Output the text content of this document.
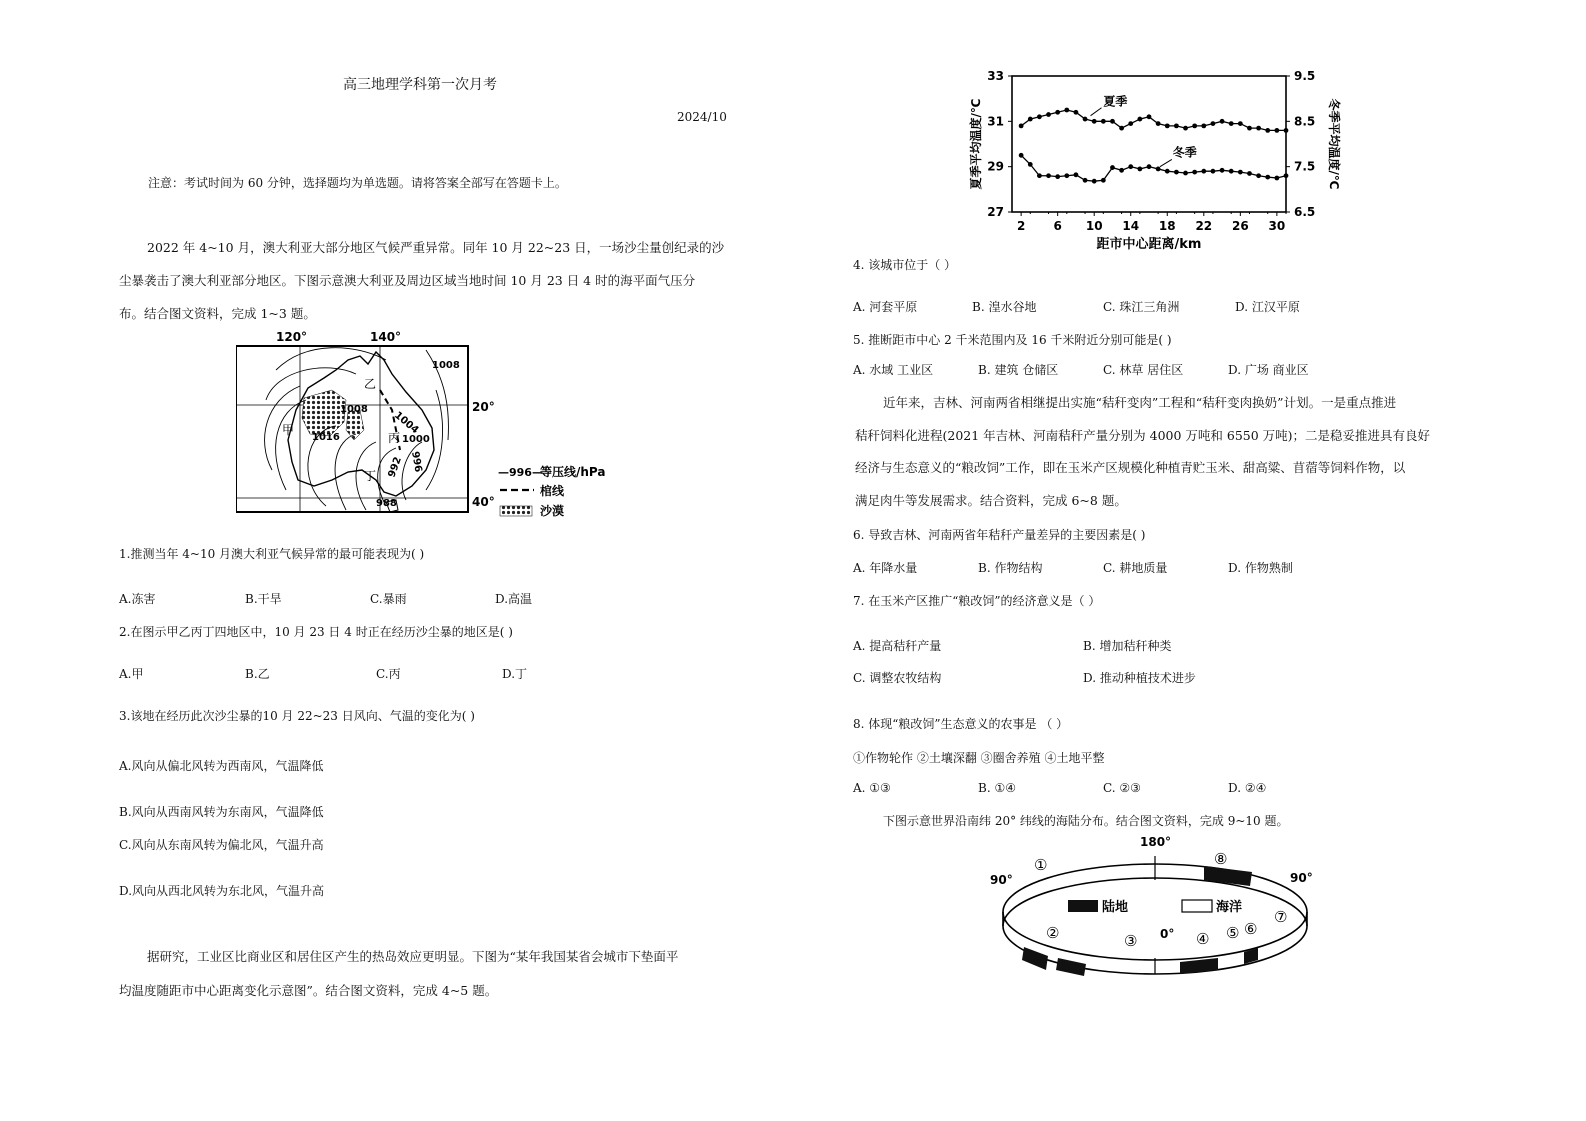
高三地理学科第一次月考
2024/10
注意：考试时间为 60 分钟，选择题均为单选题。请将答案全部写在答题卡上。
2022 年 4~10 月，澳大利亚大部分地区气候严重异常。同年 10 月 22~23 日，一场沙尘量创纪录的沙
尘暴袭击了澳大利亚部分地区。下图示意澳大利亚及周边区域当地时间 10 月 23 日 4 时的海平面气压分
布。结合图文资料，完成 1~3 题。
120°	140°
20°
40°
1008
1008
1004
1000
1016
996
992
988
甲
乙
丙
丁	—996—
等压线/hPa
棺线
沙漠
1.推测当年 4~10 月澳大利亚气候异常的最可能表现为( )
A.冻害	B.干旱	C.暴雨	D.高温
2.在图示甲乙丙丁四地区中，10 月 23 日 4 时正在经历沙尘暴的地区是( )
A.甲	B.乙	C.丙	D.丁
3.该地在经历此次沙尘暴的10 月 22~23 日风向、气温的变化为( )
A.风向从偏北风转为西南风，气温降低
B.风向从西南风转为东南风，气温降低
C.风向从东南风转为偏北风，气温升高
D.风向从西北风转为东北风，气温升高
据研究，工业区比商业区和居住区产生的热岛效应更明显。下图为“某年我国某省会城市下垫面平
均温度随距市中心距离变化示意图”。结合图文资料，完成 4~5 题。
2 6 10 14 18 22 26 30
27
29
31
33
6.5
7.5
8.5
9.5
夏季
冬季
距市中心距离/km
夏季平均温度/℃	冬季平均温度/℃
4. 该城市位于（ ）
A. 河套平原	B. 湟水谷地	C. 珠江三角洲	D. 江汉平原
5. 推断距市中心 2 千米范围内及 16 千米附近分别可能是( )
A. 水域 工业区	B. 建筑 仓储区	C. 林草 居住区	D. 广场 商业区
近年来，吉林、河南两省相继提出实施“秸秆变肉”工程和“秸秆变肉换奶”计划。一是重点推进
秸秆饲料化进程(2021 年吉林、河南秸秆产量分别为 4000 万吨和 6550 万吨)；二是稳妥推进具有良好
经济与生态意义的“粮改饲”工作，即在玉米产区规模化种植青贮玉米、甜高粱、苜蓿等饲料作物，以
满足肉牛等发展需求。结合资料，完成 6~8 题。
6. 导致吉林、河南两省年秸秆产量差异的主要因素是( )
A. 年降水量	B. 作物结构	C. 耕地质量	D. 作物熟制
7. 在玉米产区推广“粮改饲”的经济意义是（ ）
A. 提高秸秆产量	B. 增加秸秆种类
C. 调整农牧结构	D. 推动种植技术进步
8. 体现“粮改饲”生态意义的农事是 （ ）
①作物轮作 ②土壤深翻 ③圈舍养殖 ④土地平整
A. ①③	B. ①④	C. ②③	D. ②④
下图示意世界沿南纬 20° 纬线的海陆分布。结合图文资料，完成 9~10 题。
180°
90°	90°
0°
陆地	海洋
①
②	③	④ ⑤ ⑥
⑦
⑧
